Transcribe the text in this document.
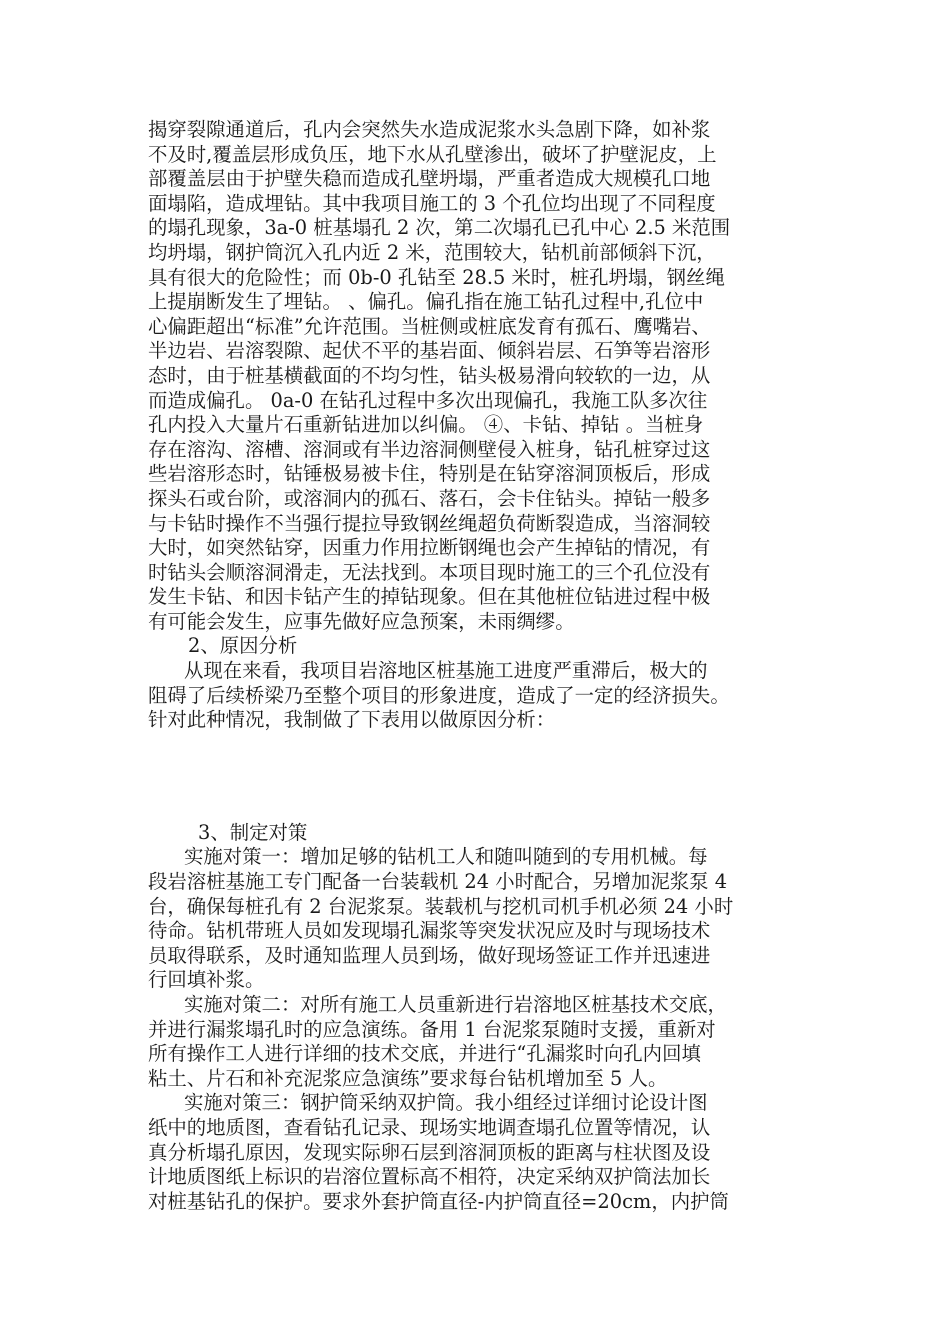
揭穿裂隙通道后，孔内会突然失水造成泥浆水头急剧下降，如补浆
不及时,覆盖层形成负压，地下水从孔壁渗出，破坏了护壁泥皮，上
部覆盖层由于护壁失稳而造成孔壁坍塌，严重者造成大规模孔口地
面塌陷，造成埋钻。其中我项目施工的 3 个孔位均出现了不同程度
的塌孔现象，3a-0 桩基塌孔 2 次，第二次塌孔已孔中心 2.5 米范围
均坍塌，钢护筒沉入孔内近 2 米，范围较大，钻机前部倾斜下沉，
具有很大的危险性；而 0b-0 孔钻至 28.5 米时，桩孔坍塌，钢丝绳
上提崩断发生了埋钻。 、偏孔。偏孔指在施工钻孔过程中,孔位中
心偏距超出“标准”允许范围。当桩侧或桩底发育有孤石、鹰嘴岩、
半边岩、岩溶裂隙、起伏不平的基岩面、倾斜岩层、石笋等岩溶形
态时，由于桩基横截面的不均匀性，钻头极易滑向较软的一边，从
而造成偏孔。 0a-0 在钻孔过程中多次出现偏孔，我施工队多次往
孔内投入大量片石重新钻进加以纠偏。 ④、卡钻、掉钻 。当桩身
存在溶沟、溶槽、溶洞或有半边溶洞侧壁侵入桩身，钻孔桩穿过这
些岩溶形态时，钻锤极易被卡住，特别是在钻穿溶洞顶板后，形成
探头石或台阶，或溶洞内的孤石、落石，会卡住钻头。掉钻一般多
与卡钻时操作不当强行提拉导致钢丝绳超负荷断裂造成，当溶洞较
大时，如突然钻穿，因重力作用拉断钢绳也会产生掉钻的情况，有
时钻头会顺溶洞滑走，无法找到。本项目现时施工的三个孔位没有
发生卡钻、和因卡钻产生的掉钻现象。但在其他桩位钻进过程中极
有可能会发生，应事先做好应急预案，未雨绸缪。
2、原因分析
从现在来看，我项目岩溶地区桩基施工进度严重滞后，极大的
阻碍了后续桥梁乃至整个项目的形象进度，造成了一定的经济损失。
针对此种情况，我制做了下表用以做原因分析：
3、制定对策
实施对策一：增加足够的钻机工人和随叫随到的专用机械。每
段岩溶桩基施工专门配备一台装载机 24 小时配合，另增加泥浆泵 4
台，确保每桩孔有 2 台泥浆泵。装载机与挖机司机手机必须 24 小时
待命。钻机带班人员如发现塌孔漏浆等突发状况应及时与现场技术
员取得联系，及时通知监理人员到场，做好现场签证工作并迅速进
行回填补浆。
实施对策二：对所有施工人员重新进行岩溶地区桩基技术交底，
并进行漏浆塌孔时的应急演练。备用 1 台泥浆泵随时支援，重新对
所有操作工人进行详细的技术交底，并进行“孔漏浆时向孔内回填
粘土、片石和补充泥浆应急演练”要求每台钻机增加至 5 人。
实施对策三：钢护筒采纳双护筒。我小组经过详细讨论设计图
纸中的地质图，查看钻孔记录、现场实地调查塌孔位置等情况，认
真分析塌孔原因，发现实际卵石层到溶洞顶板的距离与柱状图及设
计地质图纸上标识的岩溶位置标高不相符，决定采纳双护筒法加长
对桩基钻孔的保护。要求外套护筒直径-内护筒直径=20cm，内护筒
